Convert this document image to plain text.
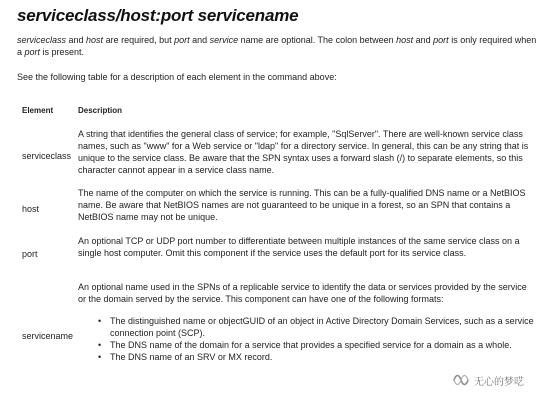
serviceclass/host:port servicename

serviceclass and host are required, but port and service name are optional. The colon between host and port is only required when a port is present.

See the following table for a description of each element in the command above:

Element	Description
serviceclass

A string that identifies the general class of service; for example, "SqlServer". There are well-known service class names, such as "www" for a Web service or "ldap" for a directory service. In general, this can be any string that is unique to the service class. Be aware that the SPN syntax uses a forward slash (/) to separate elements, so this character cannot appear in a service class name.

host

The name of the computer on which the service is running. This can be a fully-qualified DNS name or a NetBIOS name. Be aware that NetBIOS names are not guaranteed to be unique in a forest, so an SPN that contains a NetBIOS name may not be unique.

port

An optional TCP or UDP port number to differentiate between multiple instances of the same service class on a single host computer. Omit this component if the service uses the default port for its service class.

servicename

An optional name used in the SPNs of a replicable service to identify the data or services provided by the service or the domain served by the service. This component can have one of the following formats:

• The distinguished name or objectGUID of an object in Active Directory Domain Services, such as a service connection point (SCP).
• The DNS name of the domain for a service that provides a specified service for a domain as a whole.
• The DNS name of an SRV or MX record.
无心的梦呓
